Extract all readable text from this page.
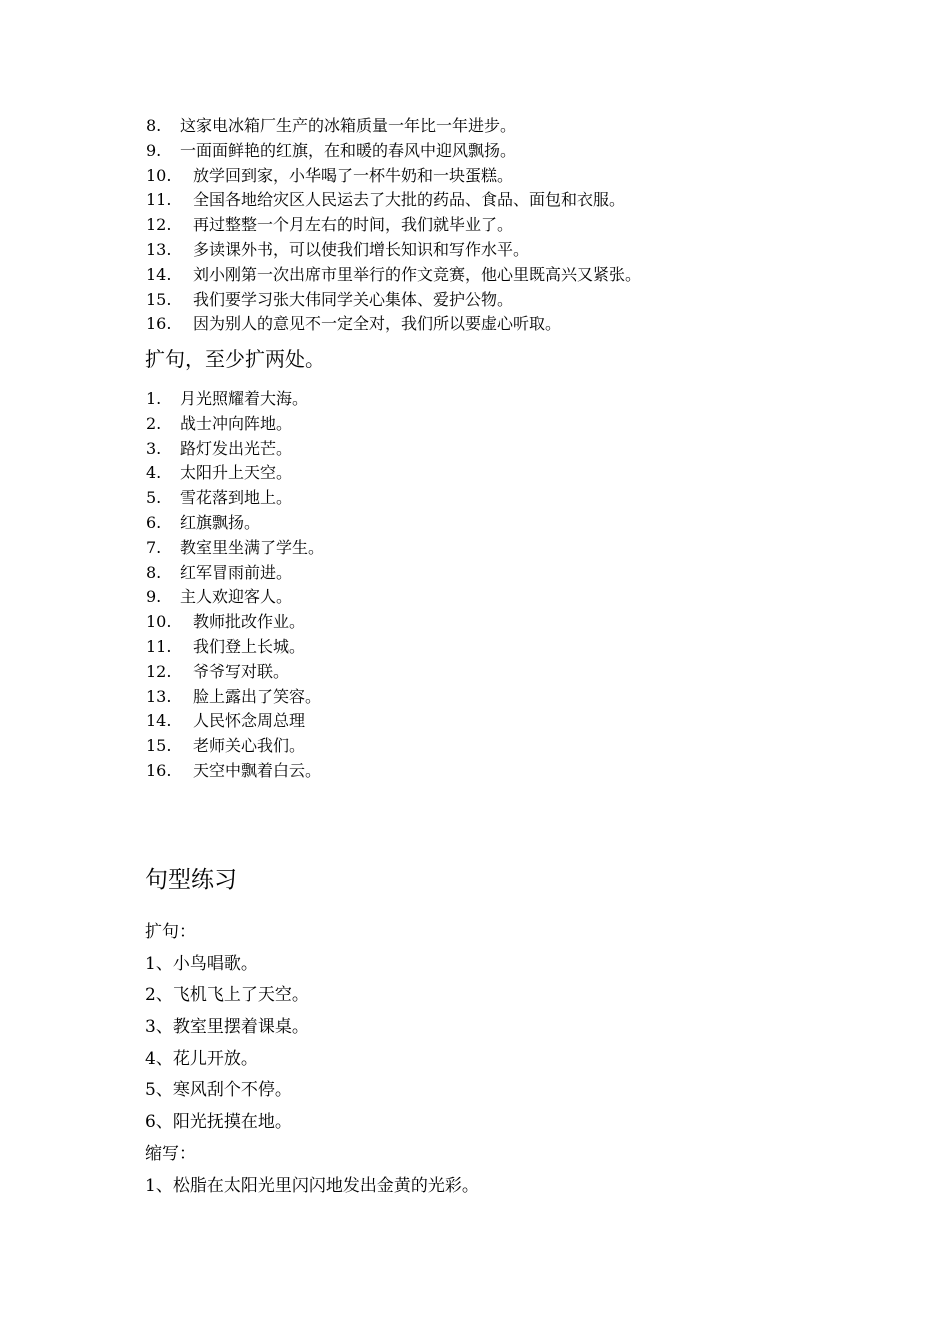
8. 这家电冰箱厂生产的冰箱质量一年比一年进步。
9. 一面面鲜艳的红旗，在和暖的春风中迎风飘扬。
10. 放学回到家，小华喝了一杯牛奶和一块蛋糕。
11. 全国各地给灾区人民运去了大批的药品、食品、面包和衣服。
12. 再过整整一个月左右的时间，我们就毕业了。
13. 多读课外书，可以使我们增长知识和写作水平。
14. 刘小刚第一次出席市里举行的作文竞赛，他心里既高兴又紧张。
15. 我们要学习张大伟同学关心集体、爱护公物。
16. 因为别人的意见不一定全对，我们所以要虚心听取。
扩句，至少扩两处。
1. 月光照耀着大海。
2. 战士冲向阵地。
3. 路灯发出光芒。
4. 太阳升上天空。
5. 雪花落到地上。
6. 红旗飘扬。
7. 教室里坐满了学生。
8. 红军冒雨前进。
9. 主人欢迎客人。
10. 教师批改作业。
11. 我们登上长城。
12. 爷爷写对联。
13. 脸上露出了笑容。
14. 人民怀念周总理
15. 老师关心我们。
16. 天空中飘着白云。
句型练习
扩句：
1、小鸟唱歌。
2、飞机飞上了天空。
3、教室里摆着课桌。
4、花儿开放。
5、寒风刮个不停。
6、阳光抚摸在地。
缩写：
1、松脂在太阳光里闪闪地发出金黄的光彩。
